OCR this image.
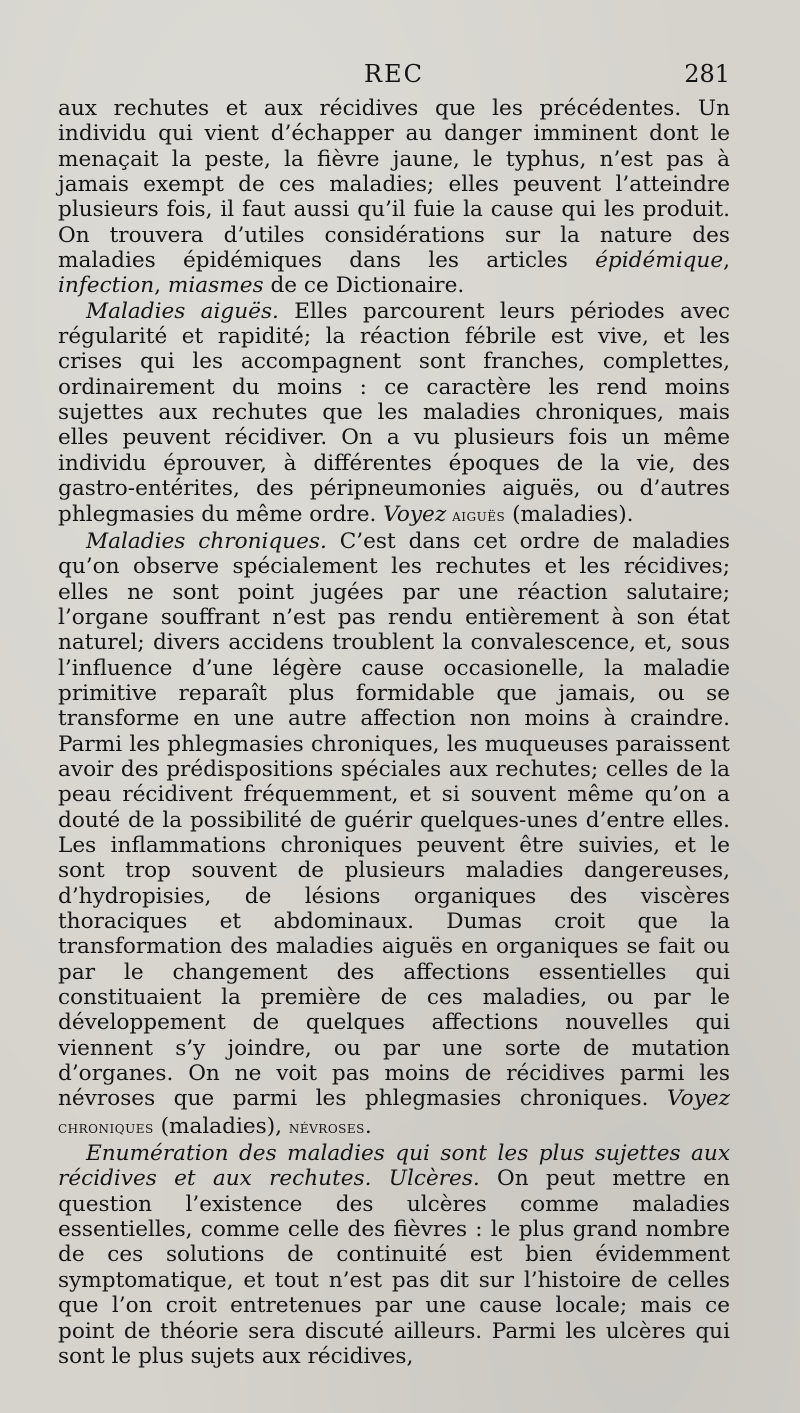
REC	281

aux rechutes et aux récidives que les précédentes. Un individu qui vient d’échapper au danger imminent dont le menaçait la peste, la fièvre jaune, le typhus, n’est pas à jamais exempt de ces maladies; elles peuvent l’atteindre plusieurs fois, il faut aussi qu’il fuie la cause qui les produit. On trouvera d’utiles considérations sur la nature des maladies épidémiques dans les articles épidémique, infection, miasmes de ce Dictionaire.

Maladies aiguës. Elles parcourent leurs périodes avec régularité et rapidité; la réaction fébrile est vive, et les crises qui les accompagnent sont franches, complettes, ordinairement du moins : ce caractère les rend moins sujettes aux rechutes que les maladies chroniques, mais elles peuvent récidiver. On a vu plusieurs fois un même individu éprouver, à différentes époques de la vie, des gastro-entérites, des péripneumonies aiguës, ou d’autres phlegmasies du même ordre. Voyez aiguës (maladies).

Maladies chroniques. C’est dans cet ordre de maladies qu’on observe spécialement les rechutes et les récidives; elles ne sont point jugées par une réaction salutaire; l’organe souffrant n’est pas rendu entièrement à son état naturel; divers accidens troublent la convalescence, et, sous l’influence d’une légère cause occasionelle, la maladie primitive reparaît plus formidable que jamais, ou se transforme en une autre affection non moins à craindre. Parmi les phlegmasies chroniques, les muqueuses paraissent avoir des prédispositions spéciales aux rechutes; celles de la peau récidivent fréquemment, et si souvent même qu’on a douté de la possibilité de guérir quelques-unes d’entre elles. Les inflammations chroniques peuvent être suivies, et le sont trop souvent de plusieurs maladies dangereuses, d’hydropisies, de lésions organiques des viscères thoraciques et abdominaux. Dumas croit que la transformation des maladies aiguës en organiques se fait ou par le changement des affections essentielles qui constituaient la première de ces maladies, ou par le développement de quelques affections nouvelles qui viennent s’y joindre, ou par une sorte de mutation d’organes. On ne voit pas moins de récidives parmi les névroses que parmi les phlegmasies chroniques. Voyez chroniques (maladies), névroses.

Enumération des maladies qui sont les plus sujettes aux récidives et aux rechutes. Ulcères. On peut mettre en question l’existence des ulcères comme maladies essentielles, comme celle des fièvres : le plus grand nombre de ces solutions de continuité est bien évidemment symptomatique, et tout n’est pas dit sur l’histoire de celles que l’on croit entretenues par une cause locale; mais ce point de théorie sera discuté ailleurs. Parmi les ulcères qui sont le plus sujets aux récidives,
